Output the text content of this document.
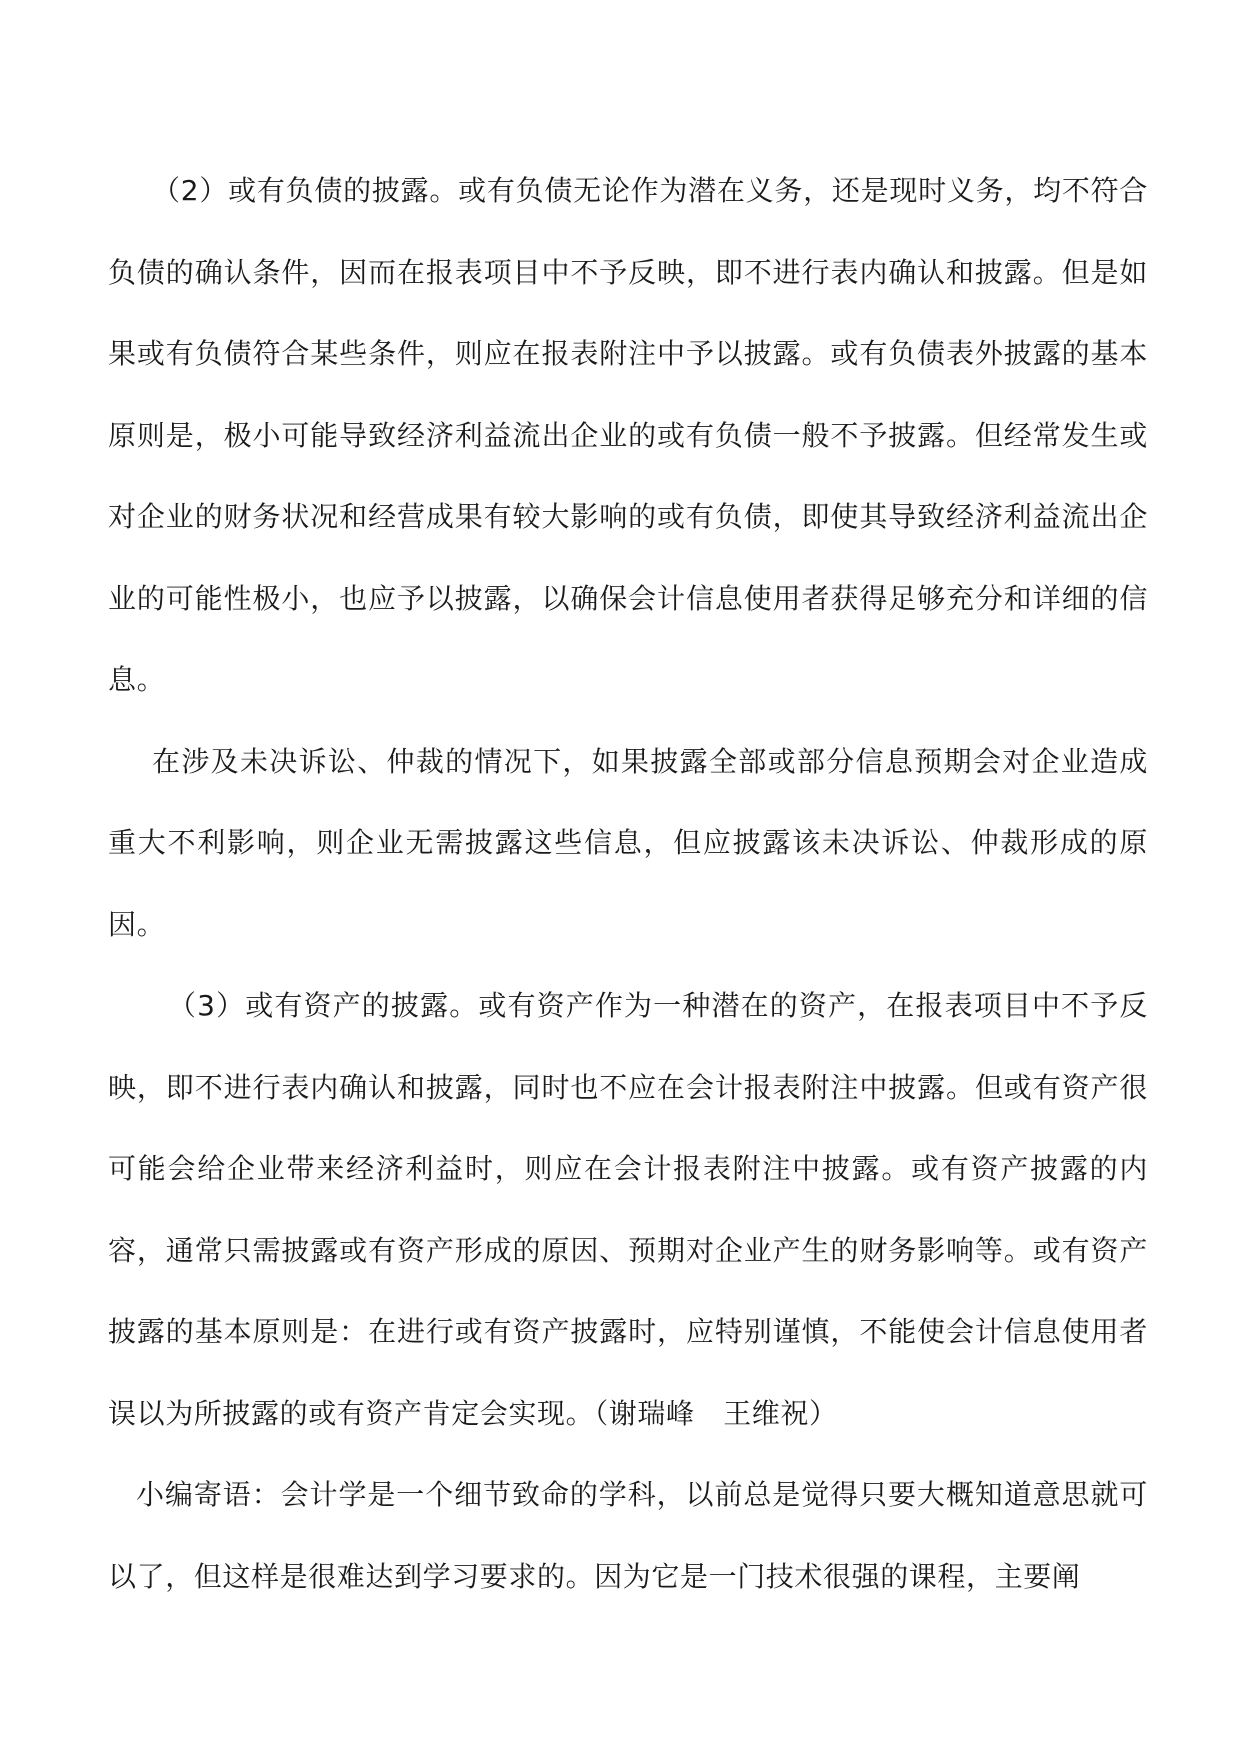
（2）或有负债的披露。或有负债无论作为潜在义务，还是现时义务，均不符合负债的确认条件，因而在报表项目中不予反映，即不进行表内确认和披露。但是如果或有负债符合某些条件，则应在报表附注中予以披露。或有负债表外披露的基本原则是，极小可能导致经济利益流出企业的或有负债一般不予披露。但经常发生或对企业的财务状况和经营成果有较大影响的或有负债，即使其导致经济利益流出企业的可能性极小，也应予以披露，以确保会计信息使用者获得足够充分和详细的信息。

在涉及未决诉讼、仲裁的情况下，如果披露全部或部分信息预期会对企业造成重大不利影响，则企业无需披露这些信息，但应披露该未决诉讼、仲裁形成的原因。

（3）或有资产的披露。或有资产作为一种潜在的资产，在报表项目中不予反映，即不进行表内确认和披露，同时也不应在会计报表附注中披露。但或有资产很可能会给企业带来经济利益时，则应在会计报表附注中披露。或有资产披露的内容，通常只需披露或有资产形成的原因、预期对企业产生的财务影响等。或有资产披露的基本原则是：在进行或有资产披露时，应特别谨慎，不能使会计信息使用者误以为所披露的或有资产肯定会实现。（谢瑞峰　王维祝）

小编寄语：会计学是一个细节致命的学科，以前总是觉得只要大概知道意思就可以了，但这样是很难达到学习要求的。因为它是一门技术很强的课程，主要阐
